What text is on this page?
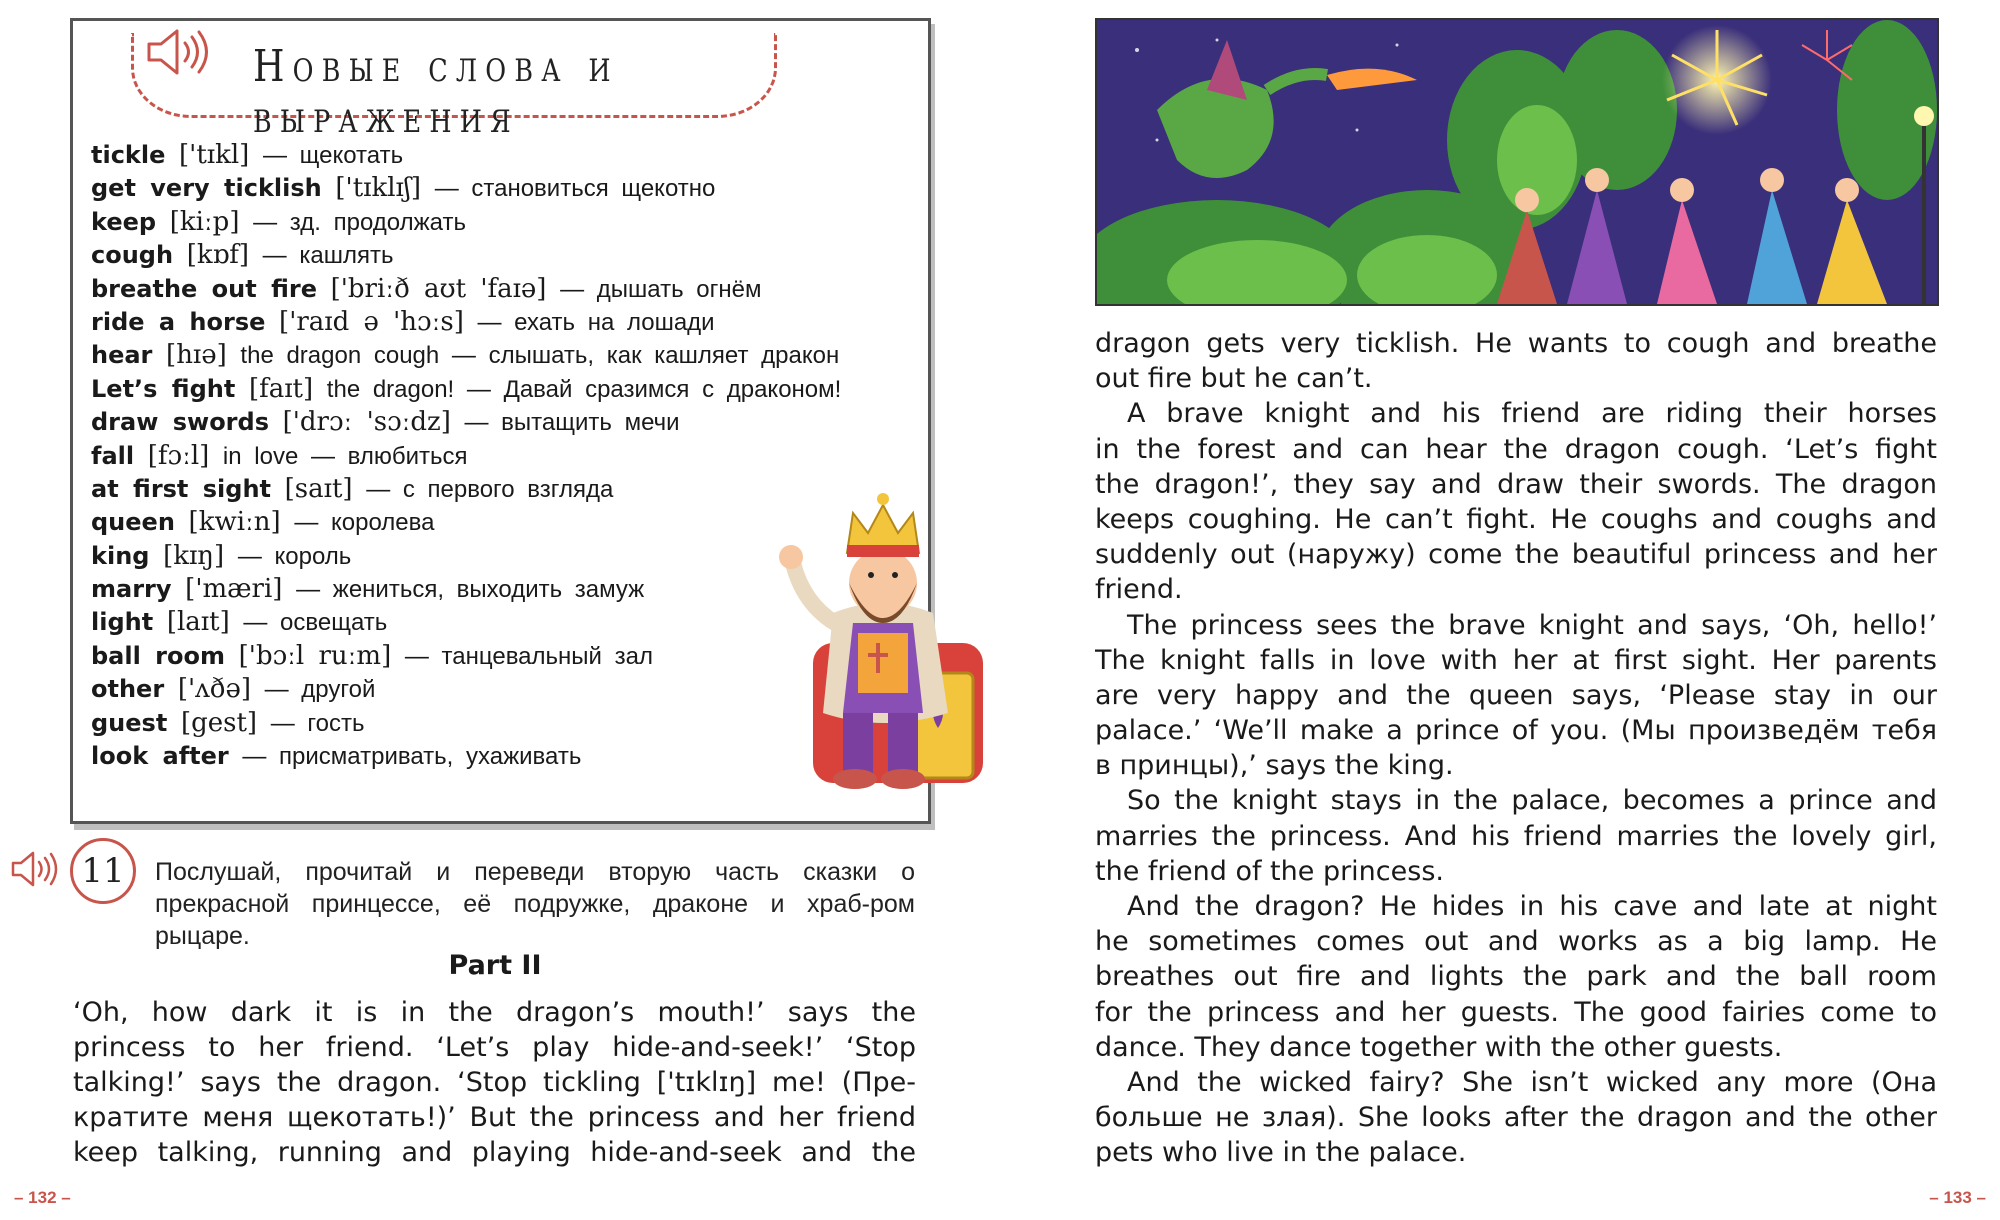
Новые слова и выражения
tickle ['tɪkl] — щекотать
get very ticklish ['tɪklɪʃ] — становиться щекотно
keep [kiːp] — зд. продолжать
cough [kɒf] — кашлять
breathe out fire ['briːð aʊt 'faɪə] — дышать огнём
ride a horse ['raɪd ə 'hɔːs] — ехать на лошади
hear [hɪə] the dragon cough — слышать, как кашляет дракон
Let’s fight [faɪt] the dragon! — Давай сразимся с драконом!
draw swords ['drɔː 'sɔːdz] — вытащить мечи
fall [fɔːl] in love — влюбиться
at first sight [saɪt] — с первого взгляда
queen [kwiːn] — королева
king [kɪŋ] — король
marry ['mæri] — жениться, выходить замуж
light [laɪt] — освещать
ball room ['bɔːl ruːm] — танцевальный зал
other ['ʌðə] — другой
guest [gest] — гость
look after — присматривать, ухаживать
11	Послушай, прочитай и переведи вторую часть сказки о прекрасной принцессе, её подружке, драконе и храб-ром рыцаре.
Part II
‘Oh, how dark it is in the dragon’s mouth!’ says the
princess to her friend. ‘Let’s play hide-and-seek!’ ‘Stop
talking!’ says the dragon. ‘Stop tickling ['tɪklɪŋ] me! (Пре-
кратите меня щекотать!)’ But the princess and her friend
keep talking, running and playing hide-and-seek and the
– 132 –
dragon gets very ticklish. He wants to cough and breathe
out fire but he can’t.
A brave knight and his friend are riding their horses
in the forest and can hear the dragon cough. ‘Let’s fight
the dragon!’, they say and draw their swords. The dragon
keeps coughing. He can’t fight. He coughs and coughs and
suddenly out (наружу) come the beautiful princess and her
friend.
The princess sees the brave knight and says, ‘Oh, hello!’
The knight falls in love with her at first sight. Her parents
are very happy and the queen says, ‘Please stay in our
palace.’ ‘We’ll make a prince of you. (Мы произведём тебя
в принцы),’ says the king.
So the knight stays in the palace, becomes a prince and
marries the princess. And his friend marries the lovely girl,
the friend of the princess.
And the dragon? He hides in his cave and late at night
he sometimes comes out and works as a big lamp. He
breathes out fire and lights the park and the ball room
for the princess and her guests. The good fairies come to
dance. They dance together with the other guests.
And the wicked fairy? She isn’t wicked any more (Она
больше не злая). She looks after the dragon and the other
pets who live in the palace.
– 133 –
